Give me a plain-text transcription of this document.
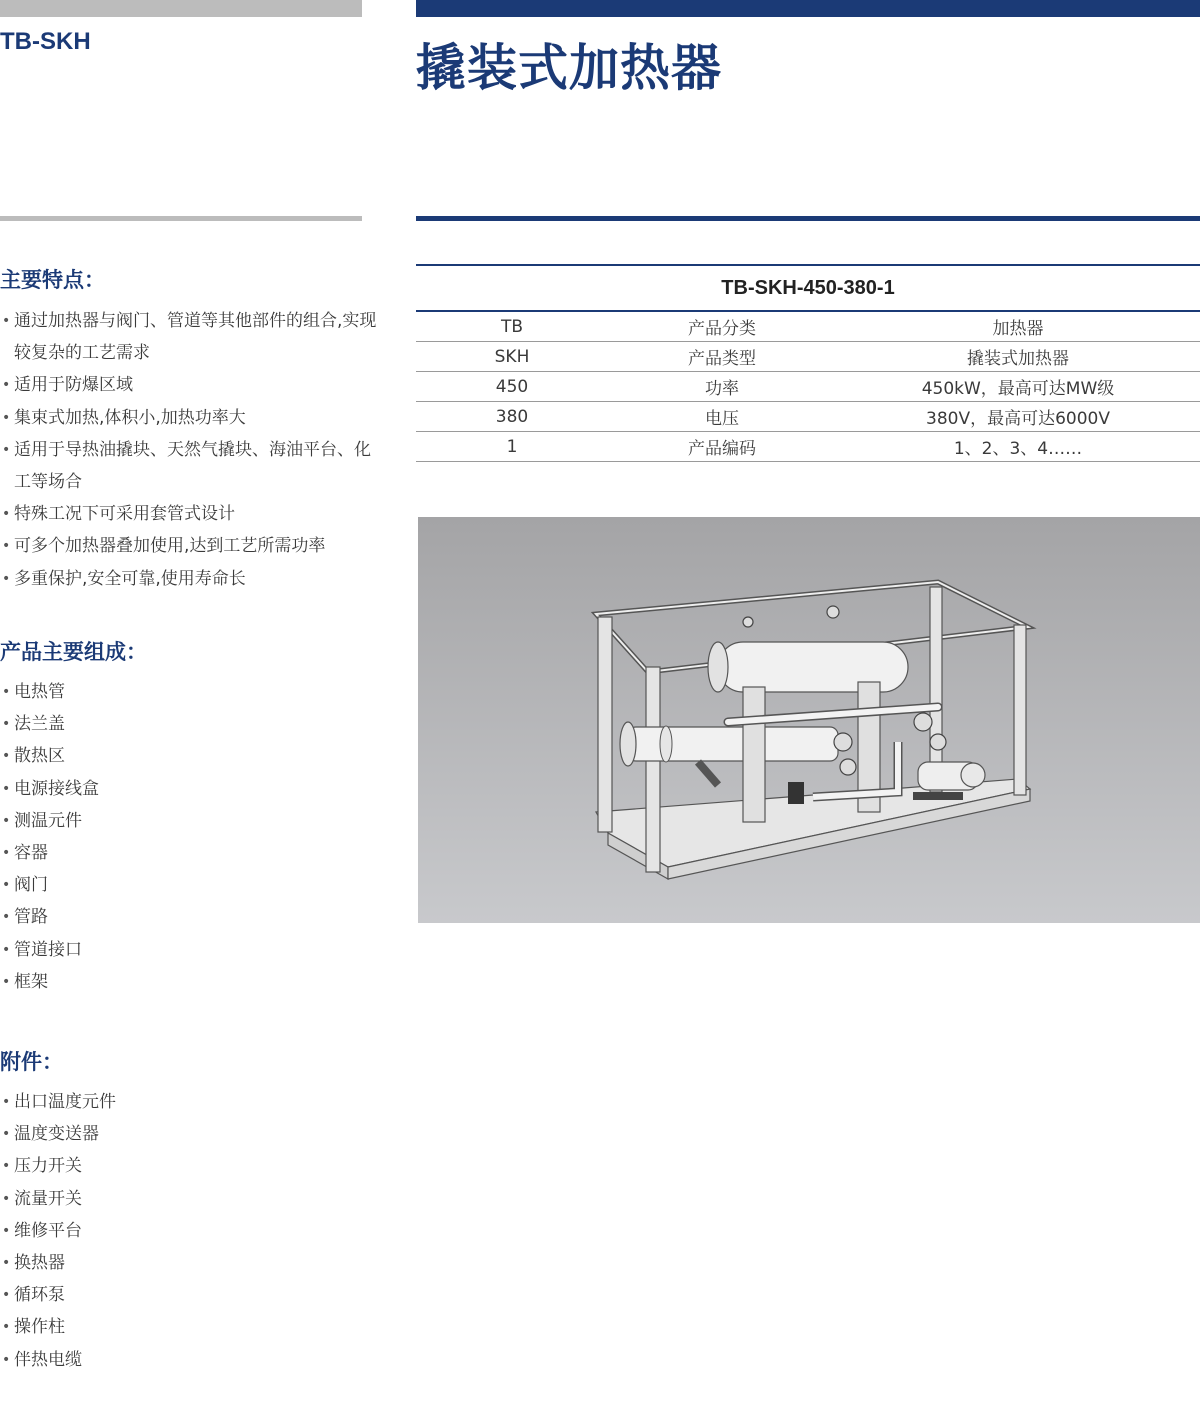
TB-SKH	撬装式加热器
主要特点：
• 通过加热器与阀门、管道等其他部件的组合,实现较复杂的工艺需求
• 适用于防爆区域
• 集束式加热,体积小,加热功率大
• 适用于导热油撬块、天然气撬块、海油平台、化工等场合
• 特殊工况下可采用套管式设计
• 可多个加热器叠加使用,达到工艺所需功率
• 多重保护,安全可靠,使用寿命长
产品主要组成：
• 电热管
• 法兰盖
• 散热区
• 电源接线盒
• 测温元件
• 容器
• 阀门
• 管路
• 管道接口
• 框架
附件：
• 出口温度元件
• 温度变送器
• 压力开关
• 流量开关
• 维修平台
• 换热器
• 循环泵
• 操作柱
• 伴热电缆
TB-SKH-450-380-1		
TB	产品分类	加热器
SKH	产品类型	撬装式加热器
450	功率	450kW，最高可达MW级
380	电压	380V，最高可达6000V
1	产品编码	1、2、3、4……
